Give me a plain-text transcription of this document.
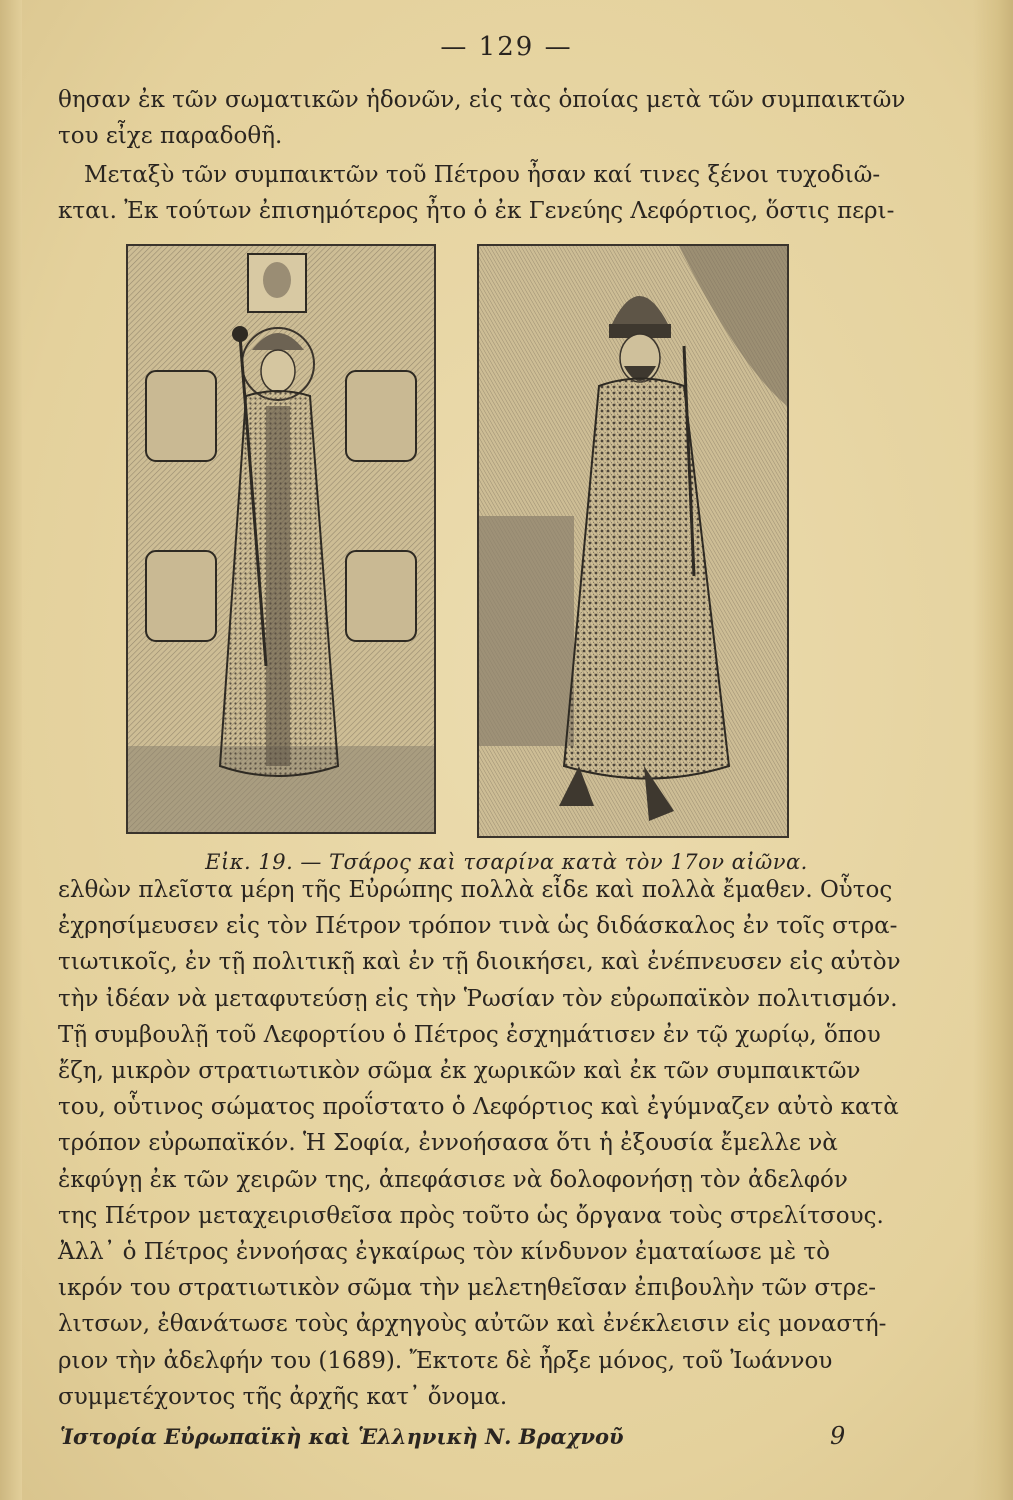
— 129 —
θησαν ἐκ τῶν σωματικῶν ἡδονῶν, εἰς τὰς ὁποίας μετὰ τῶν συμπαικτῶν
του εἶχε παραδοθῆ.
Μεταξὺ τῶν συμπαικτῶν τοῦ Πέτρου ἦσαν καί τινες ξένοι τυχοδιῶ-
κται. Ἐκ τούτων ἐπισημότερος ἦτο ὁ ἐκ Γενεύης Λεφόρτιος, ὅστις περι-
Εἰκ. 19. — Τσάρος καὶ τσαρίνα κατὰ τὸν 17ον αἰῶνα.
ελθὼν πλεῖστα μέρη τῆς Εὐρώπης πολλὰ εἶδε καὶ πολλὰ ἔμαθεν. Οὗτος
ἐχρησίμευσεν εἰς τὸν Πέτρον τρόπον τινὰ ὡς διδάσκαλος ἐν τοῖς στρα-
τιωτικοῖς, ἐν τῇ πολιτικῇ καὶ ἐν τῇ διοικήσει, καὶ ἐνέπνευσεν εἰς αὐτὸν
τὴν ἰδέαν νὰ μεταφυτεύσῃ εἰς τὴν Ῥωσίαν τὸν εὐρωπαϊκὸν πολιτισμόν.
Τῇ συμβουλῇ τοῦ Λεφορτίου ὁ Πέτρος ἐσχημάτισεν ἐν τῷ χωρίῳ, ὅπου
ἔζη, μικρὸν στρατιωτικὸν σῶμα ἐκ χωρικῶν καὶ ἐκ τῶν συμπαικτῶν
του, οὗτινος σώματος προΐστατο ὁ Λεφόρτιος καὶ ἐγύμναζεν αὐτὸ κατὰ
τρόπον εὐρωπαϊκόν. Ἡ Σοφία, ἐννοήσασα ὅτι ἡ ἐξουσία ἔμελλε νὰ
ἐκφύγῃ ἐκ τῶν χειρῶν της, ἀπεφάσισε νὰ δολοφονήσῃ τὸν ἀδελφόν
της Πέτρον μεταχειρισθεῖσα πρὸς τοῦτο ὡς ὄργανα τοὺς στρελίτσους.
Ἀλλ᾿ ὁ Πέτρος ἐννοήσας ἐγκαίρως τὸν κίνδυνον ἐματαίωσε μὲ τὸ
ικρόν του στρατιωτικὸν σῶμα τὴν μελετηθεῖσαν ἐπιβουλὴν τῶν στρε-
λιτσων, ἐθανάτωσε τοὺς ἀρχηγοὺς αὐτῶν καὶ ἐνέκλεισιν εἰς μοναστή-
ριον τὴν ἀδελφήν του (1689). Ἔκτοτε δὲ ἦρξε μόνος, τοῦ Ἰωάννου
συμμετέχοντος τῆς ἀρχῆς κατ᾿ ὄνομα.
Ἱστορία Εὐρωπαϊκὴ καὶ Ἑλληνικὴ Ν. Βραχνοῦ	9
